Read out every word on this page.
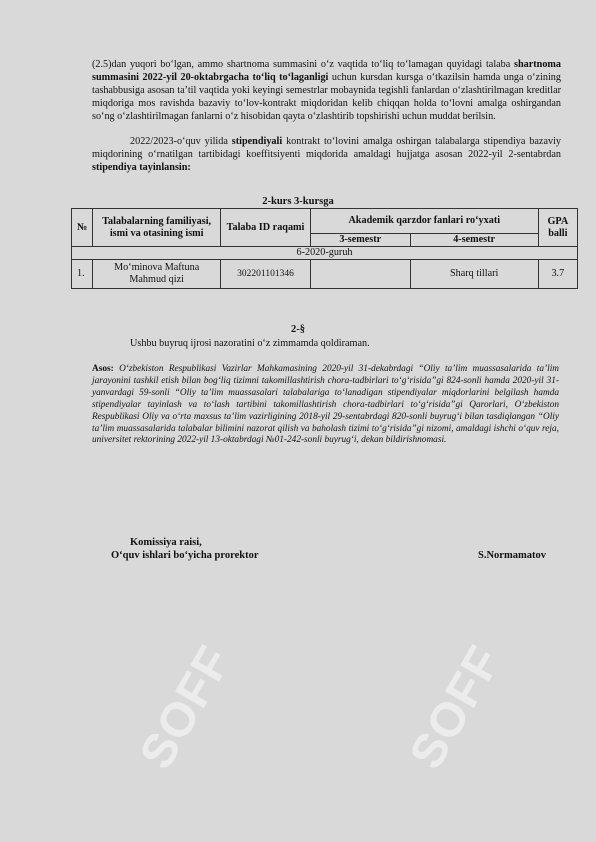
SOFF	SOFF

(2.5)dan yuqori bo‘lgan, ammo shartnoma summasini o‘z vaqtida to‘liq to‘lamagan quyidagi talaba shartnoma summasini 2022-yil 20-oktabrgacha to‘liq to‘laganligi uchun kursdan kursga o‘tkazilsin hamda unga o‘zining tashabbusiga asosan ta’til vaqtida yoki keyingi semestrlar mobaynida tegishli fanlardan o‘zlashtirilmagan kreditlar miqdoriga mos ravishda bazaviy to‘lov-kontrakt miqdoridan kelib chiqqan holda to‘lovni amalga oshirgandan so‘ng o‘zlashtirilmagan fanlarni o‘z hisobidan qayta o‘zlashtirib topshirishi uchun muddat berilsin.

2022/2023-o‘quv yilida stipendiyali kontrakt to‘lovini amalga oshirgan talabalarga stipendiya bazaviy miqdorining o‘rnatilgan tartibidagi koeffitsiyenti miqdorida amaldagi hujjatga asosan 2022-yil 2-sentabrdan stipendiya tayinlansin:

2-kurs 3-kursga
№	Talabalarning familiyasi, ismi va otasining ismi	Talaba ID raqami	Akademik qarzdor fanlari ro‘yxati		GPA balli
			3-semestr	4-semestr	
6-2020-guruh					
1.	Mo‘minova Maftuna Mahmud qizi	302201101346		Sharq tillari	3.7
2-§
Ushbu buyruq ijrosi nazoratini o‘z zimmamda qoldiraman.

Asos: O‘zbekiston Respublikasi Vazirlar Mahkamasining 2020-yil 31-dekabrdagi “Oliy ta’lim muassasalarida ta’lim jarayonini tashkil etish bilan bog‘liq tizimni takomillashtirish chora-tadbirlari to‘g‘risida”gi 824-sonli hamda 2020-yil 31-yanvardagi 59-sonli “Oliy ta’lim muassasalari talabalariga to‘lanadigan stipendiyalar miqdorlarini belgilash hamda stipendiyalar tayinlash va to‘lash tartibini takomillashtirish chora-tadbirlari to‘g‘risida”gi Qarorlari, O‘zbekiston Respublikasi Oliy va o‘rta maxsus ta’lim vazirligining 2018-yil 29-sentabrdagi 820-sonli buyrug‘i bilan tasdiqlangan “Oliy ta’lim muassasalarida talabalar bilimini nazorat qilish va baholash tizimi to‘g‘risida”gi nizomi, amaldagi ishchi o‘quv reja, universitet rektorining 2022-yil 13-oktabrdagi №01-242-sonli buyrug‘i, dekan bildirishnomasi.

Komissiya raisi,
O‘quv ishlari bo‘yicha prorektor	S.Normamatov
